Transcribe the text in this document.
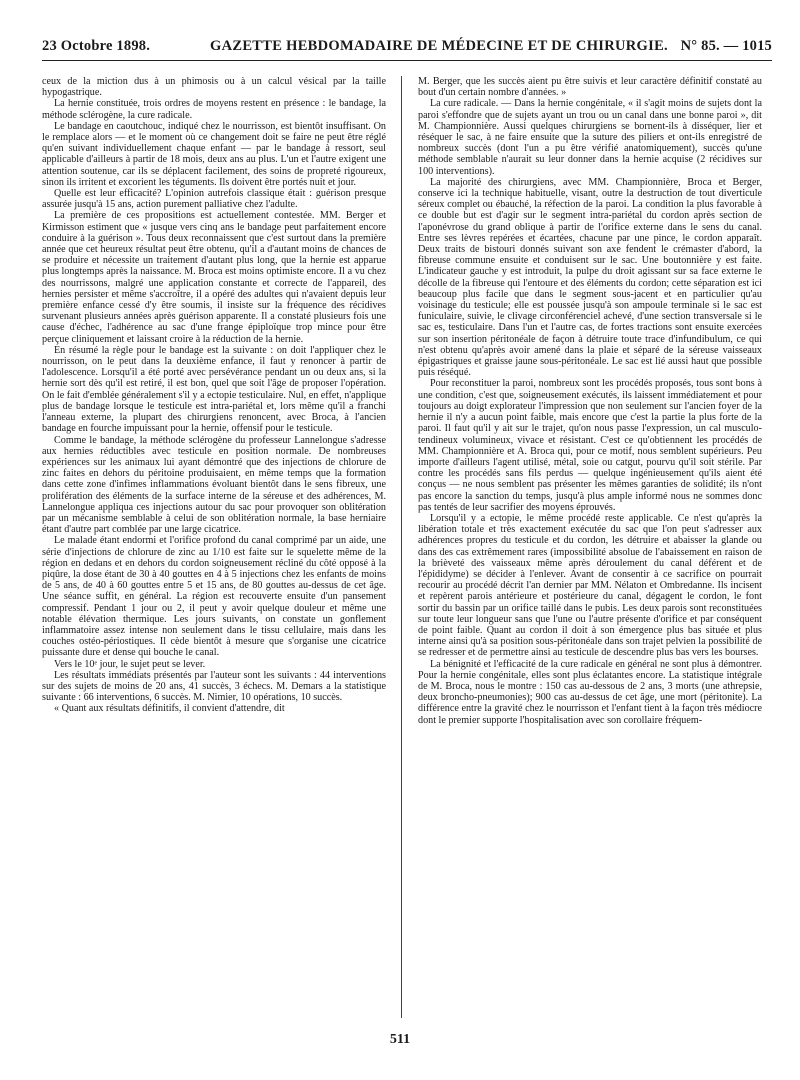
23 Octobre 1898.	GAZETTE HEBDOMADAIRE DE MÉDECINE ET DE CHIRURGIE. N° 85. — 1015

ceux de la miction dus à un phimosis ou à un calcul vésical par la taille hypogastrique.

La hernie constituée, trois ordres de moyens restent en présence : le bandage, la méthode sclérogène, la cure radicale.

Le bandage en caoutchouc, indiqué chez le nourrisson, est bientôt insuffisant. On le remplace alors — et le moment où ce changement doit se faire ne peut être réglé qu'en suivant individuellement chaque enfant — par le bandage à ressort, seul applicable d'ailleurs à partir de 18 mois, deux ans au plus. L'un et l'autre exigent une attention soutenue, car ils se déplacent facilement, des soins de propreté rigoureux, sinon ils irritent et excorient les téguments. Ils doivent être portés nuit et jour.

Quelle est leur efficacité? L'opinion autrefois classique était : guérison presque assurée jusqu'à 15 ans, action purement palliative chez l'adulte.

La première de ces propositions est actuellement contestée. MM. Berger et Kirmisson estiment que « jusque vers cinq ans le bandage peut parfaitement encore conduire à la guérison ». Tous deux reconnaissent que c'est surtout dans la première année que cet heureux résultat peut être obtenu, qu'il a d'autant moins de chances de se produire et nécessite un traitement d'autant plus long, que la hernie est apparue plus longtemps après la naissance. M. Broca est moins optimiste encore. Il a vu chez des nourrissons, malgré une application constante et correcte de l'appareil, des hernies persister et même s'accroître, il a opéré des adultes qui n'avaient depuis leur première enfance cessé d'y être soumis, il insiste sur la fréquence des récidives survenant plusieurs années après guérison apparente. Il a constaté plusieurs fois une cause d'échec, l'adhérence au sac d'une frange épiploïque trop mince pour être perçue cliniquement et laissant croire à la réduction de la hernie.

En résumé la règle pour le bandage est la suivante : on doit l'appliquer chez le nourrisson, on le peut dans la deuxième enfance, il faut y renoncer à partir de l'adolescence. Lorsqu'il a été porté avec persévérance pendant un ou deux ans, si la hernie sort dès qu'il est retiré, il est bon, quel que soit l'âge de proposer l'opération. On le fait d'emblée généralement s'il y a ectopie testiculaire. Nul, en effet, n'applique plus de bandage lorsque le testicule est intra-pariétal et, lors même qu'il a franchi l'anneau externe, la plupart des chirurgiens renoncent, avec Broca, à l'ancien bandage en fourche impuissant pour la hernie, offensif pour le testicule.

Comme le bandage, la méthode sclérogène du professeur Lannelongue s'adresse aux hernies réductibles avec testicule en position normale. De nombreuses expériences sur les animaux lui ayant démontré que des injections de chlorure de zinc faites en dehors du péritoine produisaient, en même temps que la formation dans cette zone d'infimes inflammations évoluant bientôt dans le sens fibreux, une prolifération des éléments de la surface interne de la séreuse et des adhérences, M. Lannelongue appliqua ces injections autour du sac pour provoquer son oblitération par un mécanisme semblable à celui de son oblitération normale, la base herniaire étant d'autre part comblée par une large cicatrice.

Le malade étant endormi et l'orifice profond du canal comprimé par un aide, une série d'injections de chlorure de zinc au 1/10 est faite sur le squelette même de la région en dedans et en dehors du cordon soigneusement récliné du côté opposé à la piqûre, la dose étant de 30 à 40 gouttes en 4 à 5 injections chez les enfants de moins de 5 ans, de 40 à 60 gouttes entre 5 et 15 ans, de 80 gouttes au-dessus de cet âge. Une séance suffit, en général. La région est recouverte ensuite d'un pansement compressif. Pendant 1 jour ou 2, il peut y avoir quelque douleur et même une notable élévation thermique. Les jours suivants, on constate un gonflement inflammatoire assez intense non seulement dans le tissu cellulaire, mais dans les couches ostéo-périostiques. Il cède bientôt à mesure que s'organise une cicatrice puissante dure et dense qui bouche le canal.

Vers le 10ᵉ jour, le sujet peut se lever.

Les résultats immédiats présentés par l'auteur sont les suivants : 44 interventions sur des sujets de moins de 20 ans, 41 succès, 3 échecs. M. Demars a la statistique suivante : 66 interventions, 6 succès. M. Nimier, 10 opérations, 10 succès.

« Quant aux résultats définitifs, il convient d'attendre, dit

M. Berger, que les succès aient pu être suivis et leur caractère définitif constaté au bout d'un certain nombre d'années. »

La cure radicale. — Dans la hernie congénitale, « il s'agit moins de sujets dont la paroi s'effondre que de sujets ayant un trou ou un canal dans une bonne paroi », dit M. Championnière. Aussi quelques chirurgiens se bornent-ils à disséquer, lier et réséquer le sac, à ne faire ensuite que la suture des piliers et ont-ils enregistré de nombreux succès (dont l'un a pu être vérifié anatomiquement), succès qu'une méthode semblable n'aurait su leur donner dans la hernie acquise (2 récidives sur 100 interventions).

La majorité des chirurgiens, avec MM. Championnière, Broca et Berger, conserve ici la technique habituelle, visant, outre la destruction de tout diverticule séreux complet ou ébauché, la réfection de la paroi. La condition la plus favorable à ce double but est d'agir sur le segment intra-pariétal du cordon après section de l'aponévrose du grand oblique à partir de l'orifice externe dans le sens du canal. Entre ses lèvres repérées et écartées, chacune par une pince, le cordon apparaît. Deux traits de bistouri donnés suivant son axe fendent le crémaster d'abord, la fibreuse commune ensuite et conduisent sur le sac. Une boutonnière y est faite. L'indicateur gauche y est introduit, la pulpe du droit agissant sur sa face externe le décolle de la fibreuse qui l'entoure et des éléments du cordon; cette séparation est ici beaucoup plus facile que dans le segment sous-jacent et en particulier qu'au voisinage du testicule; elle est poussée jusqu'à son ampoule terminale si le sac est funiculaire, suivie, le clivage circonférenciel achevé, d'une section transversale si le sac es, testiculaire. Dans l'un et l'autre cas, de fortes tractions sont ensuite exercées sur son insertion péritonéale de façon à détruire toute trace d'infundibulum, ce qui n'est obtenu qu'après avoir amené dans la plaie et séparé de la séreuse vaisseaux épigastriques et graisse jaune sous-péritonéale. Le sac est lié aussi haut que possible puis réséqué.

Pour reconstituer la paroi, nombreux sont les procédés proposés, tous sont bons à une condition, c'est que, soigneusement exécutés, ils laissent immédiatement et pour toujours au doigt explorateur l'impression que non seulement sur l'ancien foyer de la hernie il n'y a aucun point faible, mais encore que c'est la partie la plus forte de la paroi. Il faut qu'il y ait sur le trajet, qu'on nous passe l'expression, un cal musculo-tendineux volumineux, vivace et résistant. C'est ce qu'obtiennent les procédés de MM. Championnière et A. Broca qui, pour ce motif, nous semblent supérieurs. Peu importe d'ailleurs l'agent utilisé, métal, soie ou catgut, pourvu qu'il soit stérile. Par contre les procédés sans fils perdus — quelque ingénieusement qu'ils aient été conçus — ne nous semblent pas présenter les mêmes garanties de solidité; ils n'ont pas encore la sanction du temps, jusqu'à plus ample informé nous ne sommes donc pas tentés de leur sacrifier des moyens éprouvés.

Lorsqu'il y a ectopie, le même procédé reste applicable. Ce n'est qu'après la libération totale et très exactement exécutée du sac que l'on peut s'adresser aux adhérences propres du testicule et du cordon, les détruire et abaisser la glande ou dans des cas extrêmement rares (impossibilité absolue de l'abaissement en raison de la brièveté des vaisseaux même après déroulement du canal déférent et de l'épididyme) se décider à l'enlever. Avant de consentir à ce sacrifice on pourrait recourir au procédé décrit l'an dernier par MM. Nélaton et Ombredanne. Ils incisent et repèrent parois antérieure et postérieure du canal, dégagent le cordon, le font sortir du bassin par un orifice taillé dans le pubis. Les deux parois sont reconstituées sur toute leur longueur sans que l'une ou l'autre présente d'orifice et par conséquent de point faible. Quant au cordon il doit à son émergence plus bas située et plus interne ainsi qu'à sa position sous-péritonéale dans son trajet pelvien la possibilité de se redresser et de permettre ainsi au testicule de descendre plus bas vers les bourses.

La bénignité et l'efficacité de la cure radicale en général ne sont plus à démontrer. Pour la hernie congénitale, elles sont plus éclatantes encore. La statistique intégrale de M. Broca, nous le montre : 150 cas au-dessous de 2 ans, 3 morts (une athrepsie, deux broncho-pneumonies); 900 cas au-dessus de cet âge, une mort (péritonite). La différence entre la gravité chez le nourrisson et l'enfant tient à la façon très médiocre dont le premier supporte l'hospitalisation avec son corollaire fréquem-

511
